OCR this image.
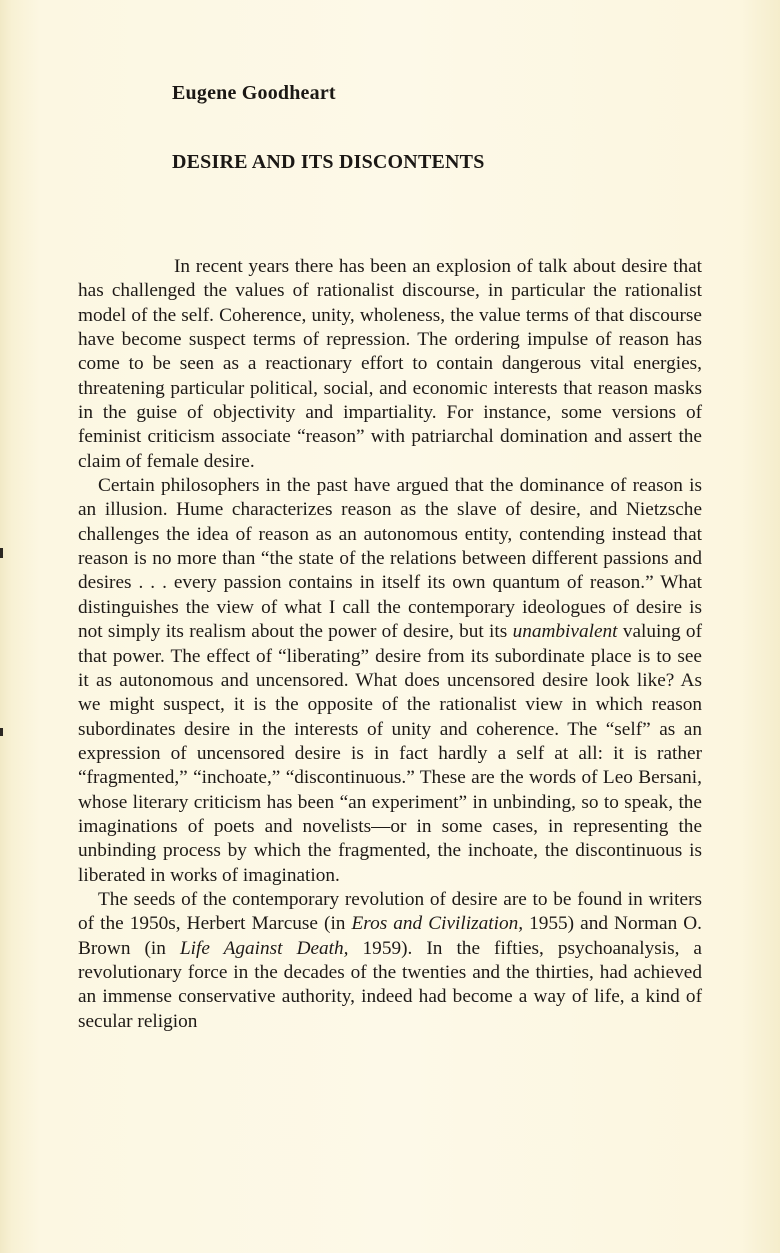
Eugene Goodheart
DESIRE AND ITS DISCONTENTS

In recent years there has been an explosion of talk about desire that has challenged the values of rationalist discourse, in particular the rationalist model of the self. Coherence, unity, wholeness, the value terms of that discourse have become suspect terms of repression. The ordering impulse of reason has come to be seen as a reactionary effort to contain dangerous vital energies, threatening particular political, social, and economic interests that reason masks in the guise of objectivity and impartiality. For instance, some versions of feminist criticism associate “reason” with patriarchal domination and assert the claim of female desire.

Certain philosophers in the past have argued that the dominance of reason is an illusion. Hume characterizes reason as the slave of desire, and Nietzsche challenges the idea of reason as an autonomous entity, contending instead that reason is no more than “the state of the relations between different passions and desires . . . every passion contains in itself its own quantum of reason.” What distinguishes the view of what I call the contemporary ideologues of desire is not simply its realism about the power of desire, but its unambivalent valuing of that power. The effect of “liberating” desire from its subordinate place is to see it as autonomous and uncensored. What does uncensored desire look like? As we might suspect, it is the opposite of the rationalist view in which reason subordinates desire in the interests of unity and coherence. The “self” as an expression of uncensored desire is in fact hardly a self at all: it is rather “fragmented,” “inchoate,” “discontinuous.” These are the words of Leo Bersani, whose literary criticism has been “an experiment” in unbinding, so to speak, the imaginations of poets and novelists—or in some cases, in representing the unbinding process by which the fragmented, the inchoate, the discontinuous is liberated in works of imagination.

The seeds of the contemporary revolution of desire are to be found in writers of the 1950s, Herbert Marcuse (in Eros and Civilization, 1955) and Norman O. Brown (in Life Against Death, 1959). In the fifties, psychoanalysis, a revolutionary force in the decades of the twenties and the thirties, had achieved an immense conservative authority, indeed had become a way of life, a kind of secular religion
